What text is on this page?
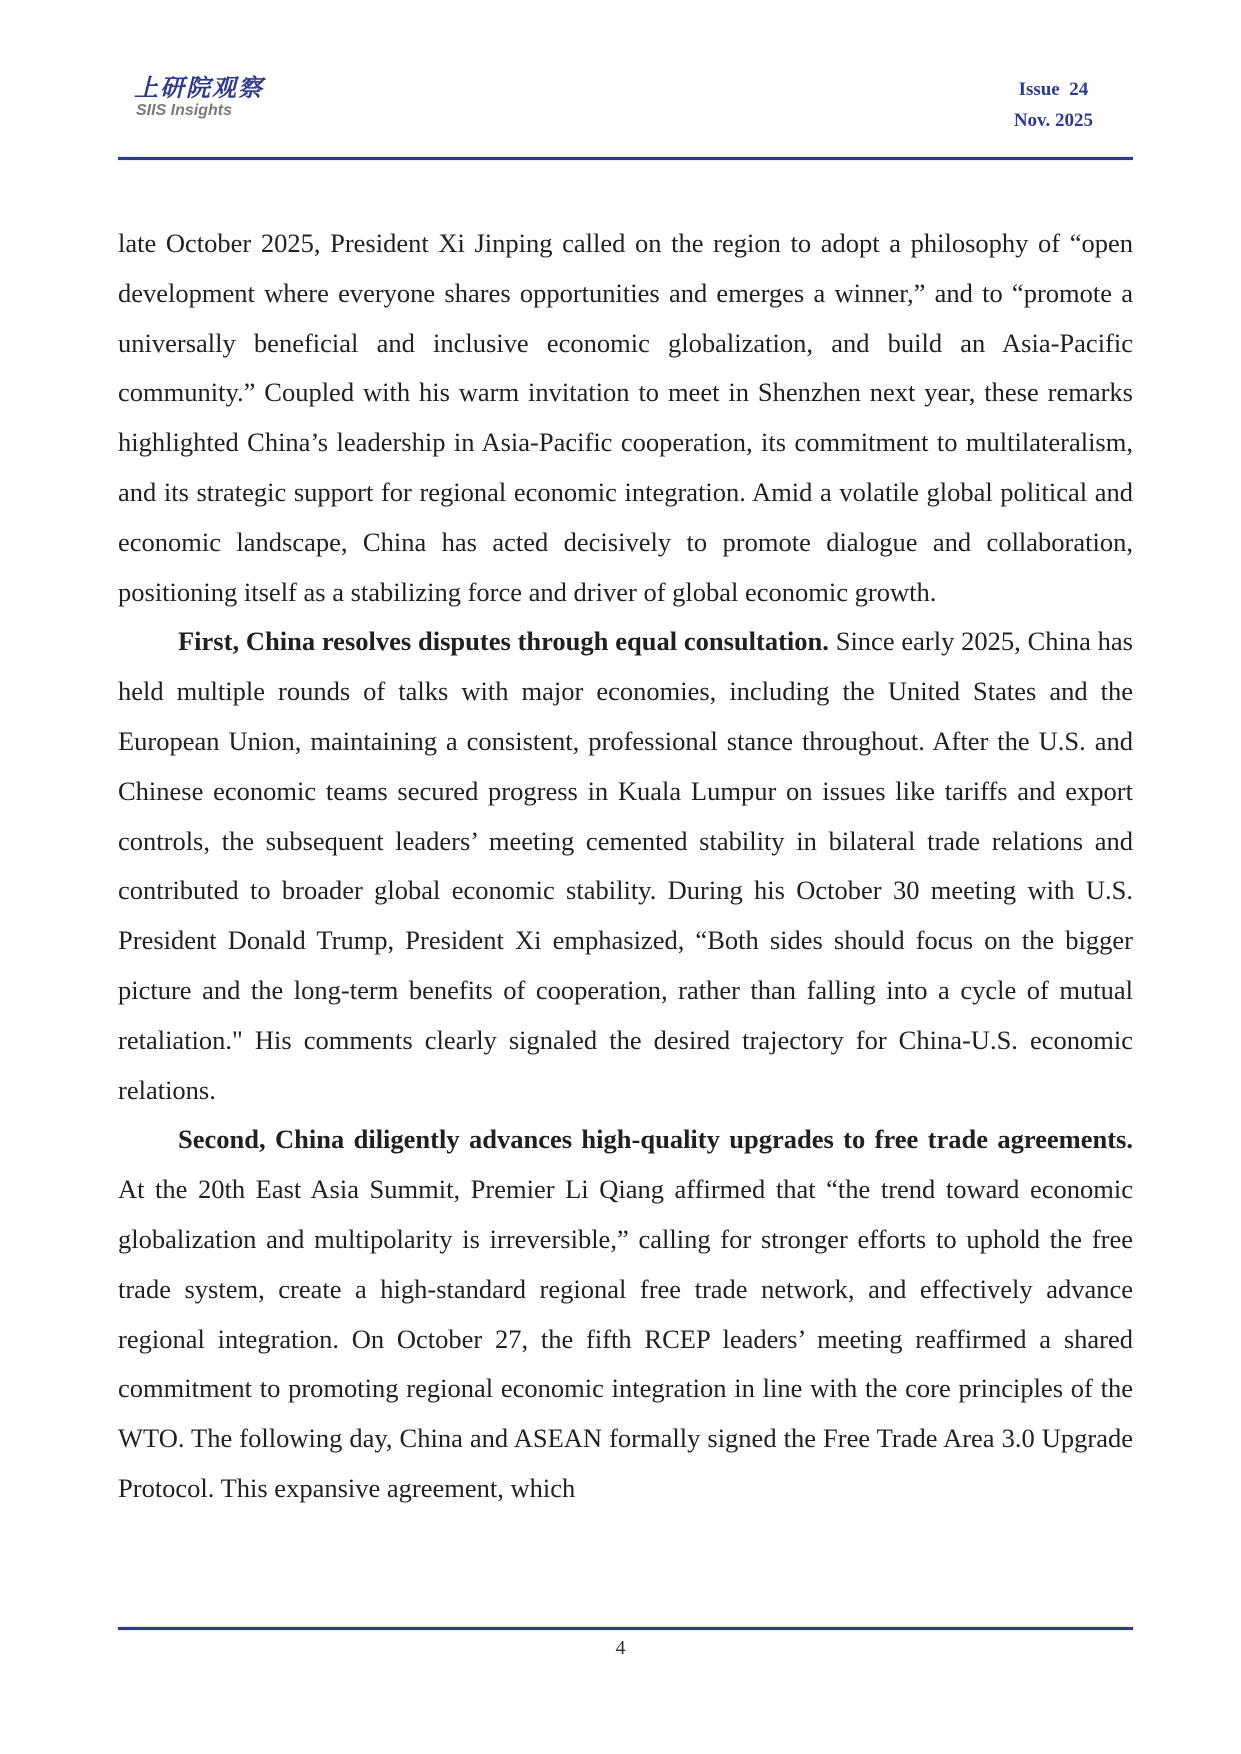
上研院观察
SIIS Insights
Issue  24
Nov. 2025

late October 2025, President Xi Jinping called on the region to adopt a philosophy of “open development where everyone shares opportunities and emerges a winner,” and to “promote a universally beneficial and inclusive economic globalization, and build an Asia-Pacific community.” Coupled with his warm invitation to meet in Shenzhen next year, these remarks highlighted China’s leadership in Asia-Pacific cooperation, its commitment to multilateralism, and its strategic support for regional economic integration. Amid a volatile global political and economic landscape, China has acted decisively to promote dialogue and collaboration, positioning itself as a stabilizing force and driver of global economic growth.

First, China resolves disputes through equal consultation. Since early 2025, China has held multiple rounds of talks with major economies, including the United States and the European Union, maintaining a consistent, professional stance throughout. After the U.S. and Chinese economic teams secured progress in Kuala Lumpur on issues like tariffs and export controls, the subsequent leaders’ meeting cemented stability in bilateral trade relations and contributed to broader global economic stability. During his October 30 meeting with U.S. President Donald Trump, President Xi emphasized, “Both sides should focus on the bigger picture and the long-term benefits of cooperation, rather than falling into a cycle of mutual retaliation." His comments clearly signaled the desired trajectory for China-U.S. economic relations.

Second, China diligently advances high-quality upgrades to free trade agreements. At the 20th East Asia Summit, Premier Li Qiang affirmed that “the trend toward economic globalization and multipolarity is irreversible,” calling for stronger efforts to uphold the free trade system, create a high-standard regional free trade network, and effectively advance regional integration. On October 27, the fifth RCEP leaders’ meeting reaffirmed a shared commitment to promoting regional economic integration in line with the core principles of the WTO. The following day, China and ASEAN formally signed the Free Trade Area 3.0 Upgrade Protocol. This expansive agreement, which

4
